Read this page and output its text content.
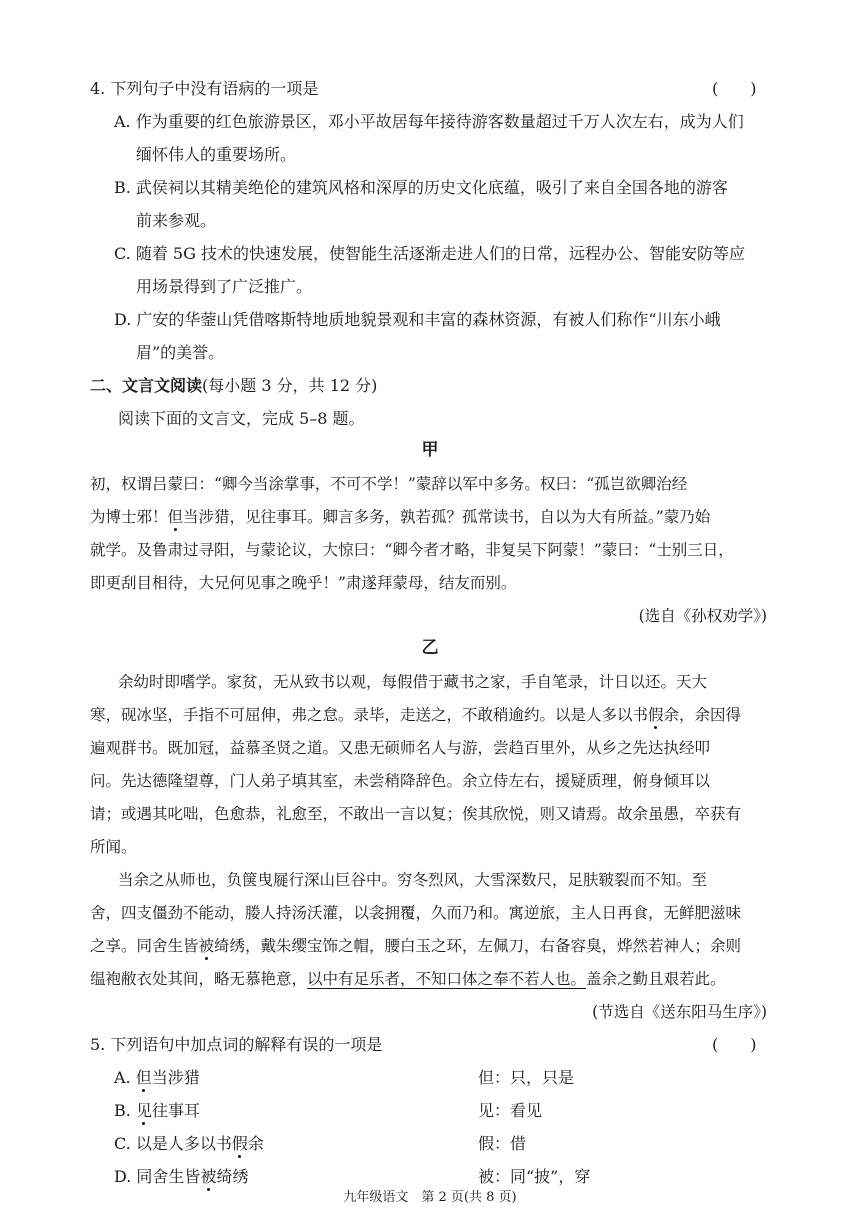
4. 下列句子中没有语病的一项是	(　　)
A. 作为重要的红色旅游景区，邓小平故居每年接待游客数量超过千万人次左右，成为人们
缅怀伟人的重要场所。
B. 武侯祠以其精美绝伦的建筑风格和深厚的历史文化底蕴，吸引了来自全国各地的游客
前来参观。
C. 随着 5G 技术的快速发展，使智能生活逐渐走进人们的日常，远程办公、智能安防等应
用场景得到了广泛推广。
D. 广安的华蓥山凭借喀斯特地质地貌景观和丰富的森林资源，有被人们称作“川东小峨
眉”的美誉。
二、文言文阅读(每小题 3 分，共 12 分)
阅读下面的文言文，完成 5–8 题。
甲
初，权谓吕蒙曰：“卿今当涂掌事，不可不学！”蒙辞以军中多务。权曰：“孤岂欲卿治经
为博士邪！但当涉猎，见往事耳。卿言多务，孰若孤？孤常读书，自以为大有所益。”蒙乃始
就学。及鲁肃过寻阳，与蒙论议，大惊曰：“卿今者才略，非复吴下阿蒙！”蒙曰：“士别三日，
即更刮目相待，大兄何见事之晚乎！”肃遂拜蒙母，结友而别。
(选自《孙权劝学》)
乙
余幼时即嗜学。家贫，无从致书以观，每假借于藏书之家，手自笔录，计日以还。天大
寒，砚冰坚，手指不可屈伸，弗之怠。录毕，走送之，不敢稍逾约。以是人多以书假余，余因得
遍观群书。既加冠，益慕圣贤之道。又患无硕师名人与游，尝趋百里外，从乡之先达执经叩
问。先达德隆望尊，门人弟子填其室，未尝稍降辞色。余立侍左右，援疑质理，俯身倾耳以
请；或遇其叱咄，色愈恭，礼愈至，不敢出一言以复；俟其欣悦，则又请焉。故余虽愚，卒获有
所闻。
当余之从师也，负箧曳屣行深山巨谷中。穷冬烈风，大雪深数尺，足肤皲裂而不知。至
舍，四支僵劲不能动，媵人持汤沃灌，以衾拥覆，久而乃和。寓逆旅，主人日再食，无鲜肥滋味
之享。同舍生皆被绮绣，戴朱缨宝饰之帽，腰白玉之环，左佩刀，右备容臭，烨然若神人；余则
缊袍敝衣处其间，略无慕艳意，以中有足乐者，不知口体之奉不若人也。盖余之勤且艰若此。
(节选自《送东阳马生序》)
5. 下列语句中加点词的解释有误的一项是	(　　)
A. 但当涉猎	但：只，只是
B. 见往事耳	见：看见
C. 以是人多以书假余	假：借
D. 同舍生皆被绮绣	被：同“披”，穿
九年级语文　第 2 页(共 8 页)
